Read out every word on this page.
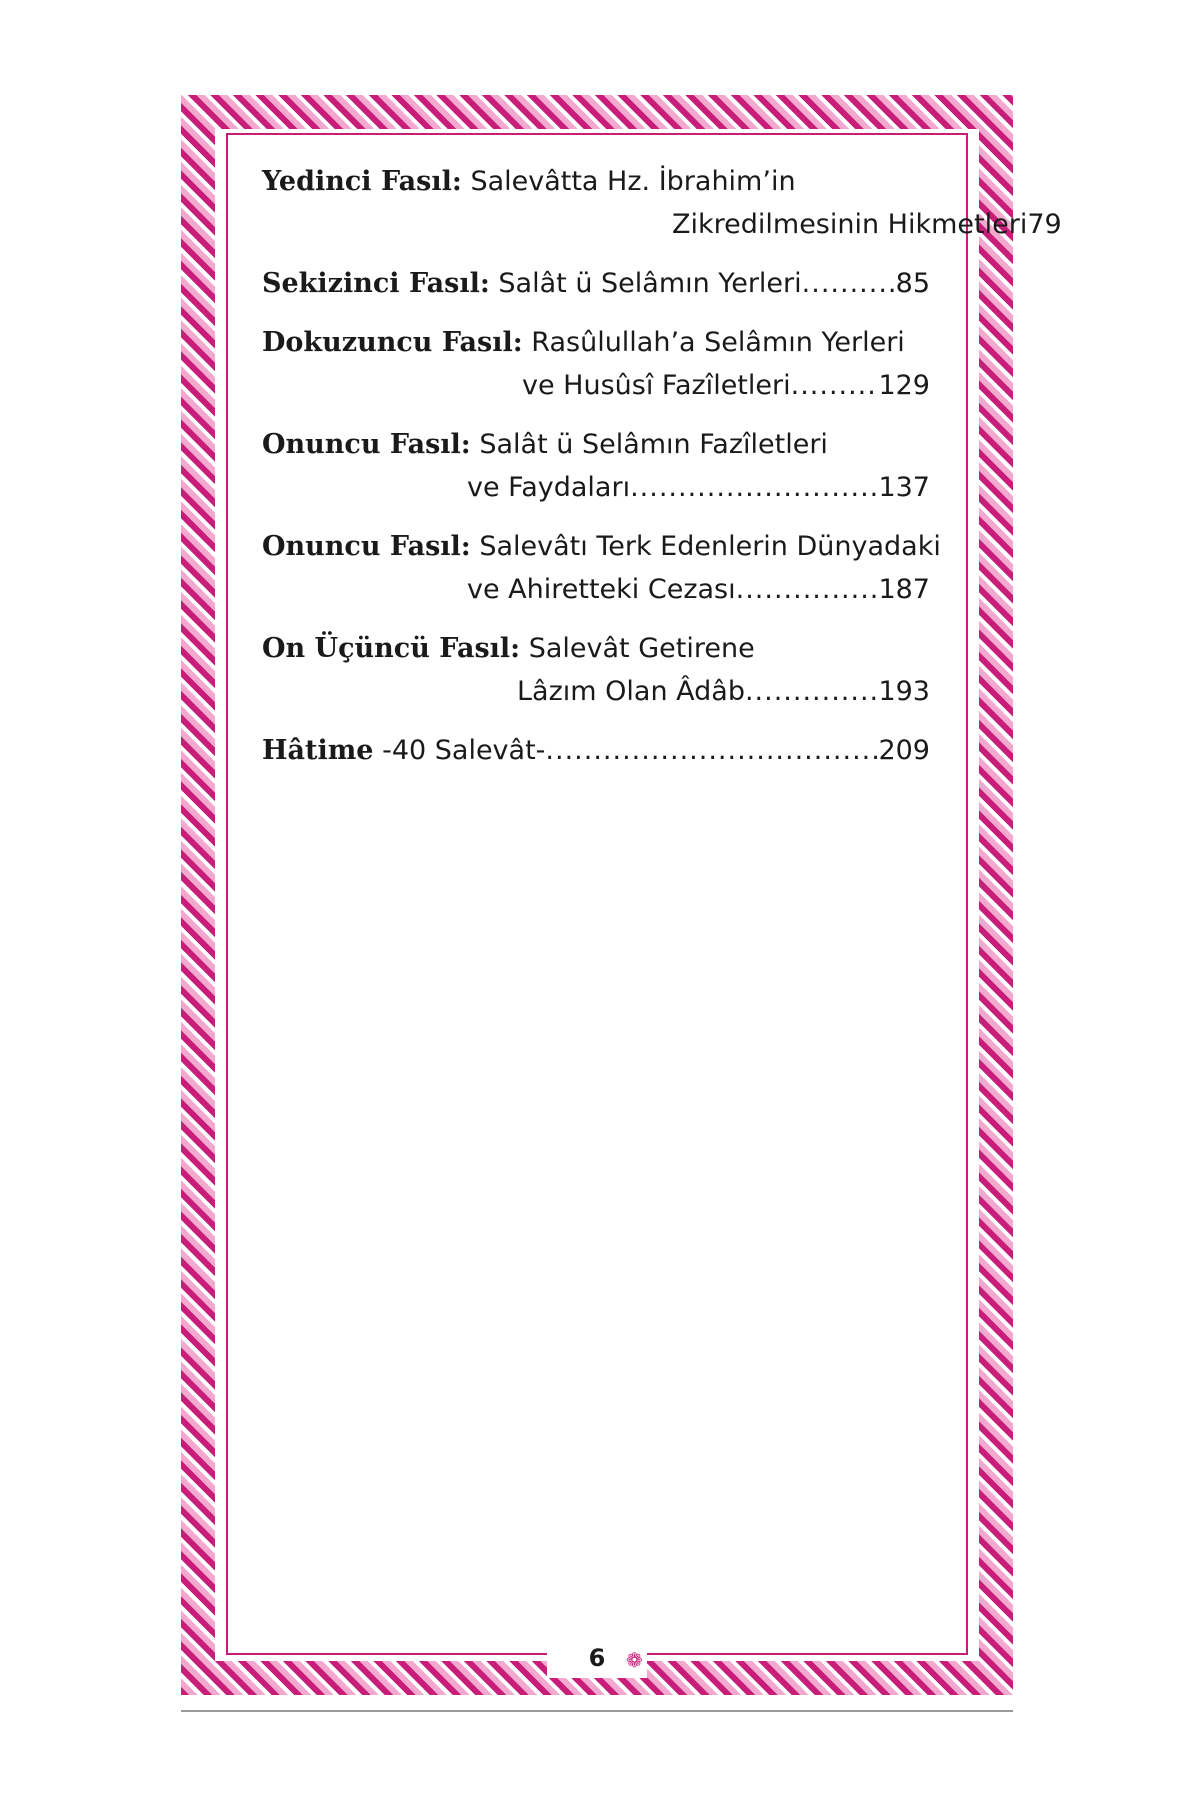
Yedinci Fasıl:
Salevâtta Hz. İbrahim’in
Zikredilmesinin Hikmetleri 79
Sekizinci Fasıl:
Salât ü Selâmın Yerleri .....	85
Dokuzuncu Fasıl:
Rasûlullah’a Selâmın Yerleri
ve Husûsî Fazîletleri .....	129
Onuncu Fasıl:
Salât ü Selâmın Fazîletleri
ve Faydaları .....	137
Onuncu Fasıl:
Salevâtı Terk Edenlerin Dünyadaki
ve Ahiretteki Cezası .....	187
On Üçüncü Fasıl:
Salevât Getirene
Lâzım Olan Âdâb .....	193
Hâtime
-40 Salevât- .....	209
6	❁
